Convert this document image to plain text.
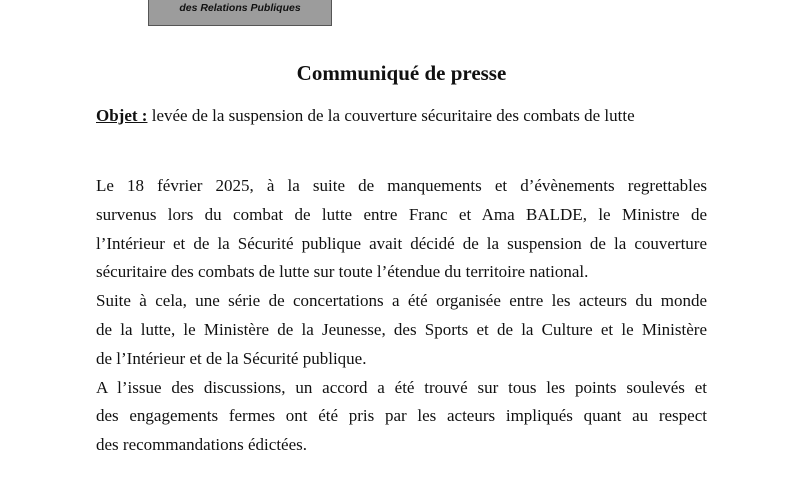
des Relations Publiques
Communiqué de presse
Objet : levée de la suspension de la couverture sécuritaire des combats de lutte
Le 18 février 2025, à la suite de manquements et d’évènements regrettables
survenus lors du combat de lutte entre Franc et Ama BALDE, le Ministre de
l’Intérieur et de la Sécurité publique avait décidé de la suspension de la couverture
sécuritaire des combats de lutte sur toute l’étendue du territoire national.
Suite à cela, une série de concertations a été organisée entre les acteurs du monde
de la lutte, le Ministère de la Jeunesse, des Sports et de la Culture et le Ministère
de l’Intérieur et de la Sécurité publique.
A l’issue des discussions, un accord a été trouvé sur tous les points soulevés et
des engagements fermes ont été pris par les acteurs impliqués quant au respect
des recommandations édictées.
